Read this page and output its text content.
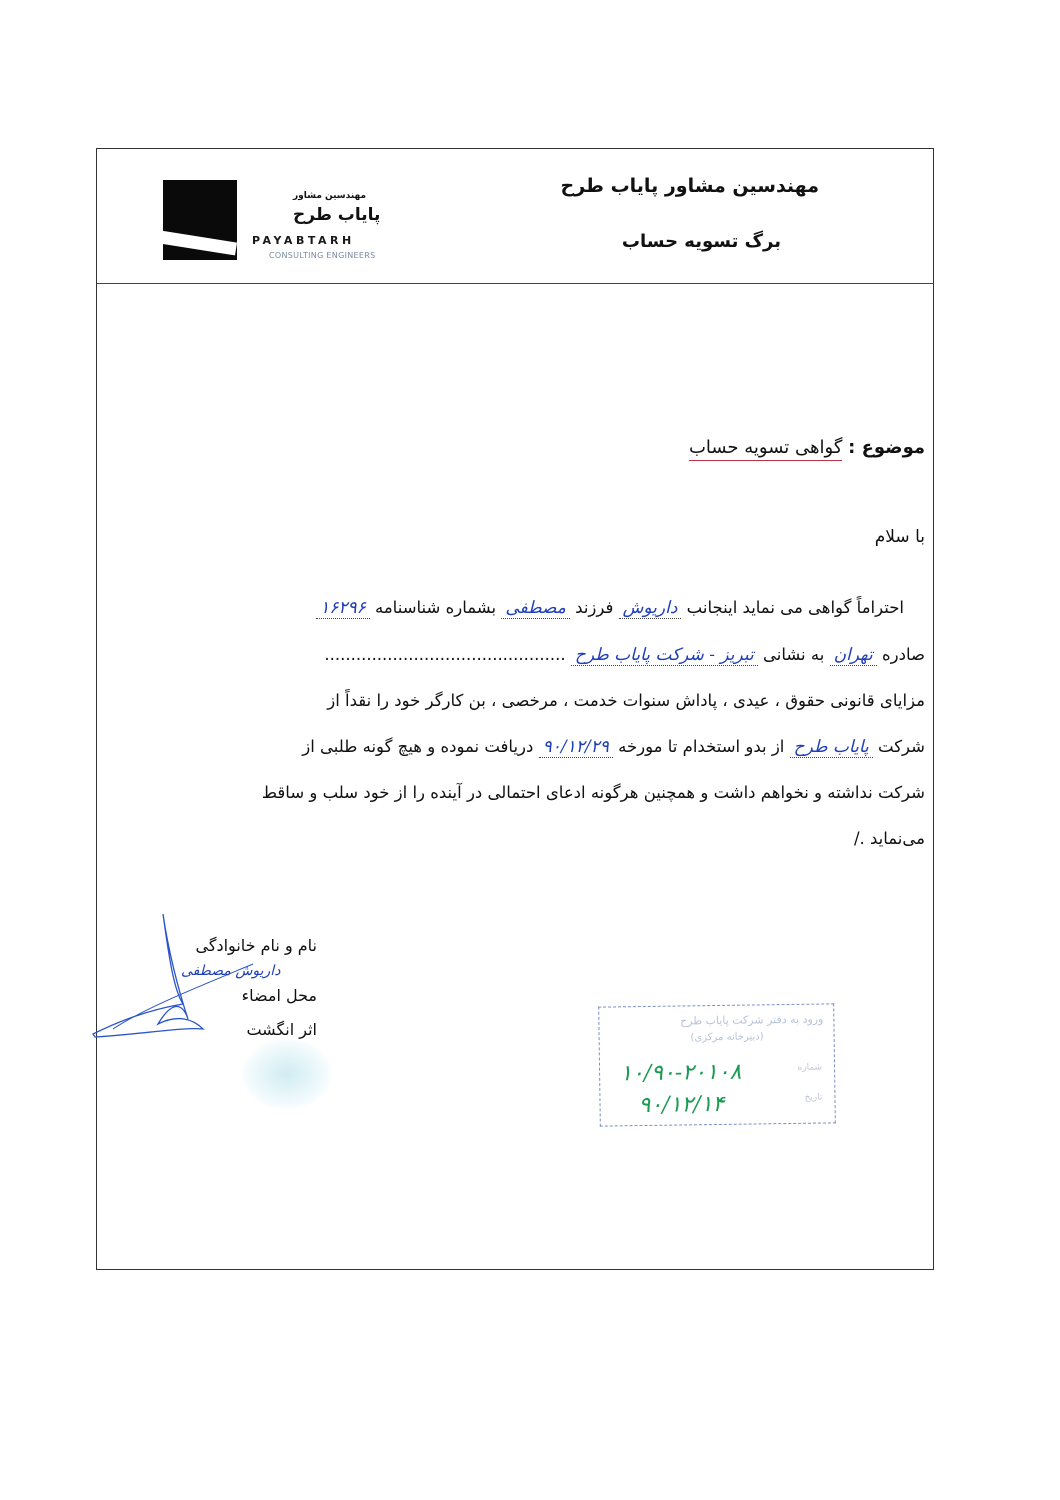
مهندسین مشاور
پایاب طرح
PAYABTARH
CONSULTING ENGINEERS
مهندسین مشاور پایاب طرح
برگ تسویه حساب
موضوع : گواهی تسویه حساب
با سلام
احتراماً گواهی می نماید اینجانب داریوش فرزند مصطفی بشماره شناسنامه ۱۶۲۹۶
صادره تهران به نشانی تبریز - شرکت پایاب طرح ..............................................
مزایای قانونی حقوق ، عیدی ، پاداش سنوات خدمت ، مرخصی ، بن کارگر خود را نقداً از
شرکت پایاب طرح از بدو استخدام تا مورخه ۹۰/۱۲/۲۹ دریافت نموده و هیچ گونه طلبی از
شرکت نداشته و نخواهم داشت و همچنین هرگونه ادعای احتمالی در آینده را از خود سلب و ساقط
می‌نماید ./
نام و نام خانوادگی
داریوش مصطفی
محل امضاء
اثر انگشت	ورود به دفتر شرکت پایاب طرح
(دبیرخانه مرکزی)
شماره
تاریخ
۱۰/۹۰-۲۰۱۰۸
۹۰/۱۲/۱۴
